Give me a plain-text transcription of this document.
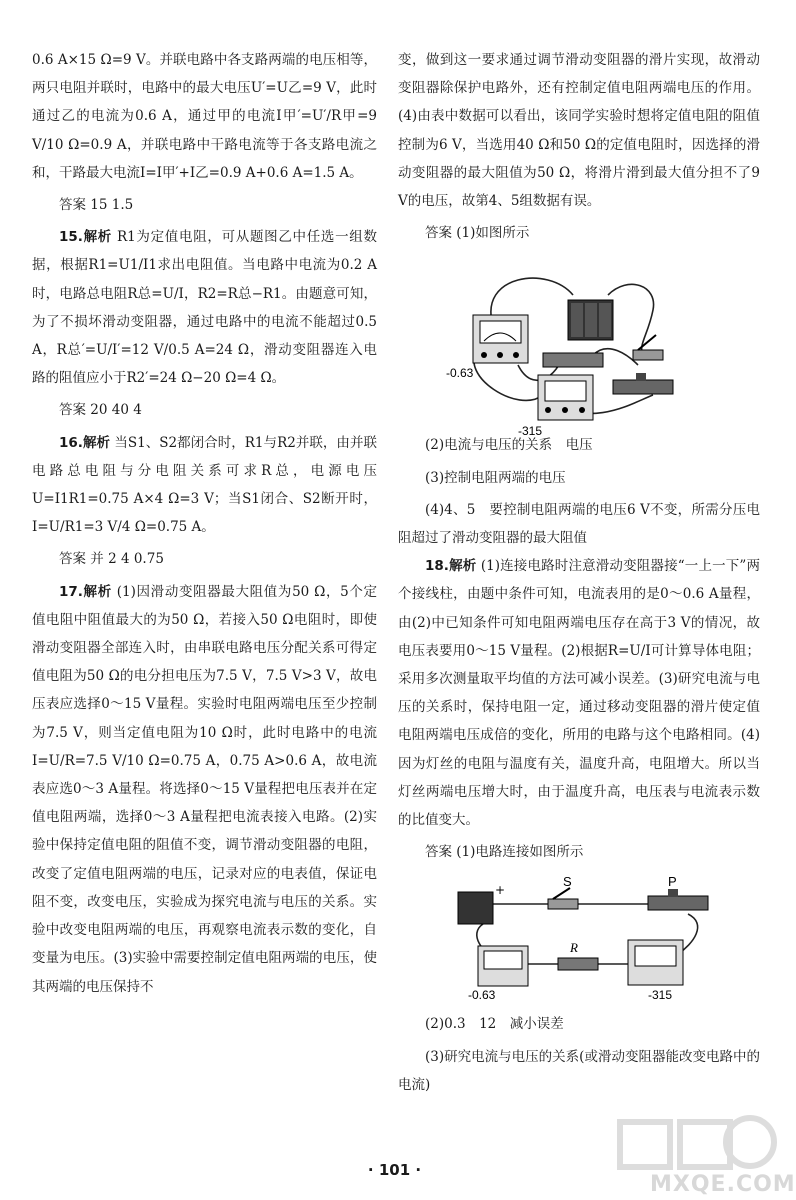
0.6 A×15 Ω=9 V。并联电路中各支路两端的电压相等，两只电阻并联时，电路中的最大电压U′=U乙=9 V，此时通过乙的电流为0.6 A，通过甲的电流I甲′=U′/R甲=9 V/10 Ω=0.9 A，并联电路中干路电流等于各支路电流之和，干路最大电流I=I甲′+I乙=0.9 A+0.6 A=1.5 A。

答案 15 1.5

15.解析 R1为定值电阻，可从题图乙中任选一组数据，根据R1=U1/I1求出电阻值。当电路中电流为0.2 A时，电路总电阻R总=U/I，R2=R总−R1。由题意可知，为了不损坏滑动变阻器，通过电路中的电流不能超过0.5 A，R总′=U/I′=12 V/0.5 A=24 Ω，滑动变阻器连入电路的阻值应小于R2′=24 Ω−20 Ω=4 Ω。

答案 20 40 4

16.解析 当S1、S2都闭合时，R1与R2并联，由并联电路总电阻与分电阻关系可求R总，电源电压U=I1R1=0.75 A×4 Ω=3 V；当S1闭合、S2断开时，I=U/R1=3 V/4 Ω=0.75 A。

答案 并 2 4 0.75

17.解析 (1)因滑动变阻器最大阻值为50 Ω，5个定值电阻中阻值最大的为50 Ω，若接入50 Ω电阻时，即使滑动变阻器全部连入时，由串联电路电压分配关系可得定值电阻为50 Ω的电分担电压为7.5 V，7.5 V>3 V，故电压表应选择0～15 V量程。实验时电阻两端电压至少控制为7.5 V，则当定值电阻为10 Ω时，此时电路中的电流I=U/R=7.5 V/10 Ω=0.75 A，0.75 A>0.6 A，故电流表应选0～3 A量程。将选择0～15 V量程把电压表并在定值电阻两端，选择0～3 A量程把电流表接入电路。(2)实验中保持定值电阻的阻值不变，调节滑动变阻器的电阻，改变了定值电阻两端的电压，记录对应的电表值，保证电阻不变，改变电压，实验成为探究电流与电压的关系。实验中改变电阻两端的电压，再观察电流表示数的变化，自变量为电压。(3)实验中需要控制定值电阻两端的电压，使其两端的电压保持不

变，做到这一要求通过调节滑动变阻器的滑片实现，故滑动变阻器除保护电路外，还有控制定值电阻两端电压的作用。(4)由表中数据可以看出，该同学实验时想将定值电阻的阻值控制为6 V，当选用40 Ω和50 Ω的定值电阻时，因选择的滑动变阻器的最大阻值为50 Ω，将滑片滑到最大值分担不了9 V的电压，故第4、5组数据有误。

答案 (1)如图所示

-0.63
-315

(2)电流与电压的关系　电压

(3)控制电阻两端的电压

(4)4、5　要控制电阻两端的电压6 V不变，所需分压电阻超过了滑动变阻器的最大阻值

18.解析 (1)连接电路时注意滑动变阻器接“一上一下”两个接线柱，由题中条件可知，电流表用的是0～0.6 A量程，由(2)中已知条件可知电阻两端电压存在高于3 V的情况，故电压表要用0～15 V量程。(2)根据R=U/I可计算导体电阻；采用多次测量取平均值的方法可减小误差。(3)研究电流与电压的关系时，保持电阻一定，通过移动变阻器的滑片使定值电阻两端电压成倍的变化，所用的电路与这个电路相同。(4)因为灯丝的电阻与温度有关，温度升高，电阻增大。所以当灯丝两端电压增大时，由于温度升高，电压表与电流表示数的比值变大。

答案 (1)电路连接如图所示

+
S	P
R
-0.63	-315

(2)0.3　12　减小误差

(3)研究电流与电压的关系(或滑动变阻器能改变电路中的电流)

· 101 ·
MXQE.COM
